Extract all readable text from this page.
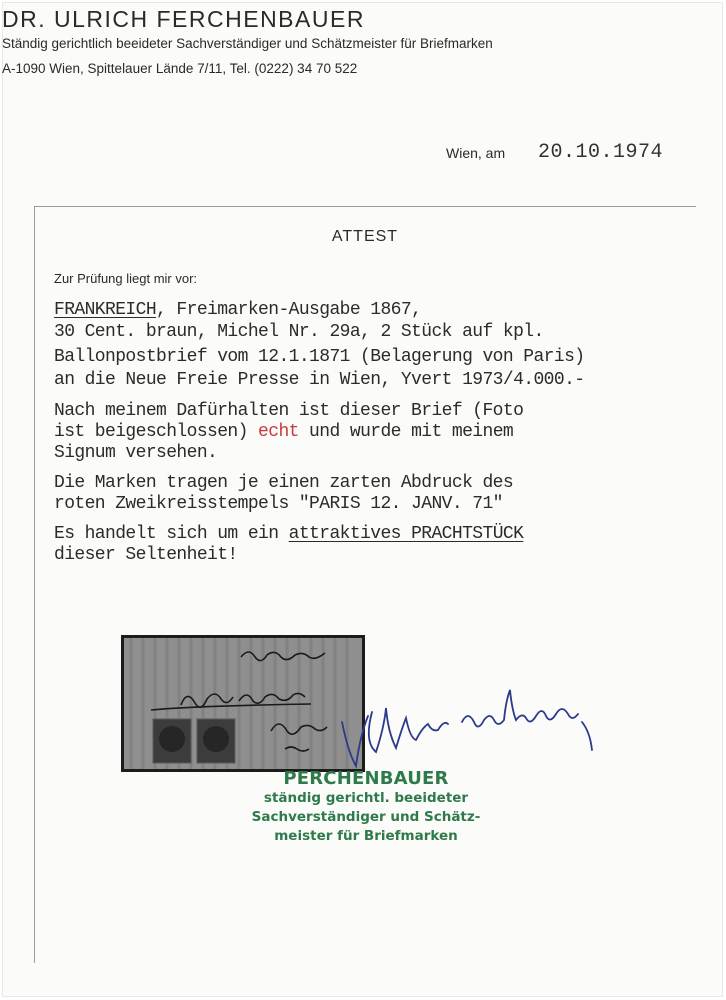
DR. ULRICH FERCHENBAUER
Ständig gerichtlich beeideter Sachverständiger und Schätzmeister für Briefmarken
A-1090 Wien, Spittelauer Lände 7/11, Tel. (0222) 34 70 522
Wien, am 20.10.1974
ATTEST
Zur Prüfung liegt mir vor:
FRANKREICH, Freimarken-Ausgabe 1867,
30 Cent. braun, Michel Nr. 29a, 2 Stück auf kpl.
Ballonpostbrief vom 12.1.1871 (Belagerung von Paris)
an die Neue Freie Presse in Wien, Yvert 1973/4.000.-
Nach meinem Dafürhalten ist dieser Brief (Foto
ist beigeschlossen) echt und wurde mit meinem
Signum versehen.
Die Marken tragen je einen zarten Abdruck des
roten Zweikreisstempels "PARIS 12. JANV. 71"
Es handelt sich um ein attraktives PRACHTSTÜCK
dieser Seltenheit!
PERCHENBAUER
ständig gerichtl. beeideter
Sachverständiger und Schätz-
meister für Briefmarken
